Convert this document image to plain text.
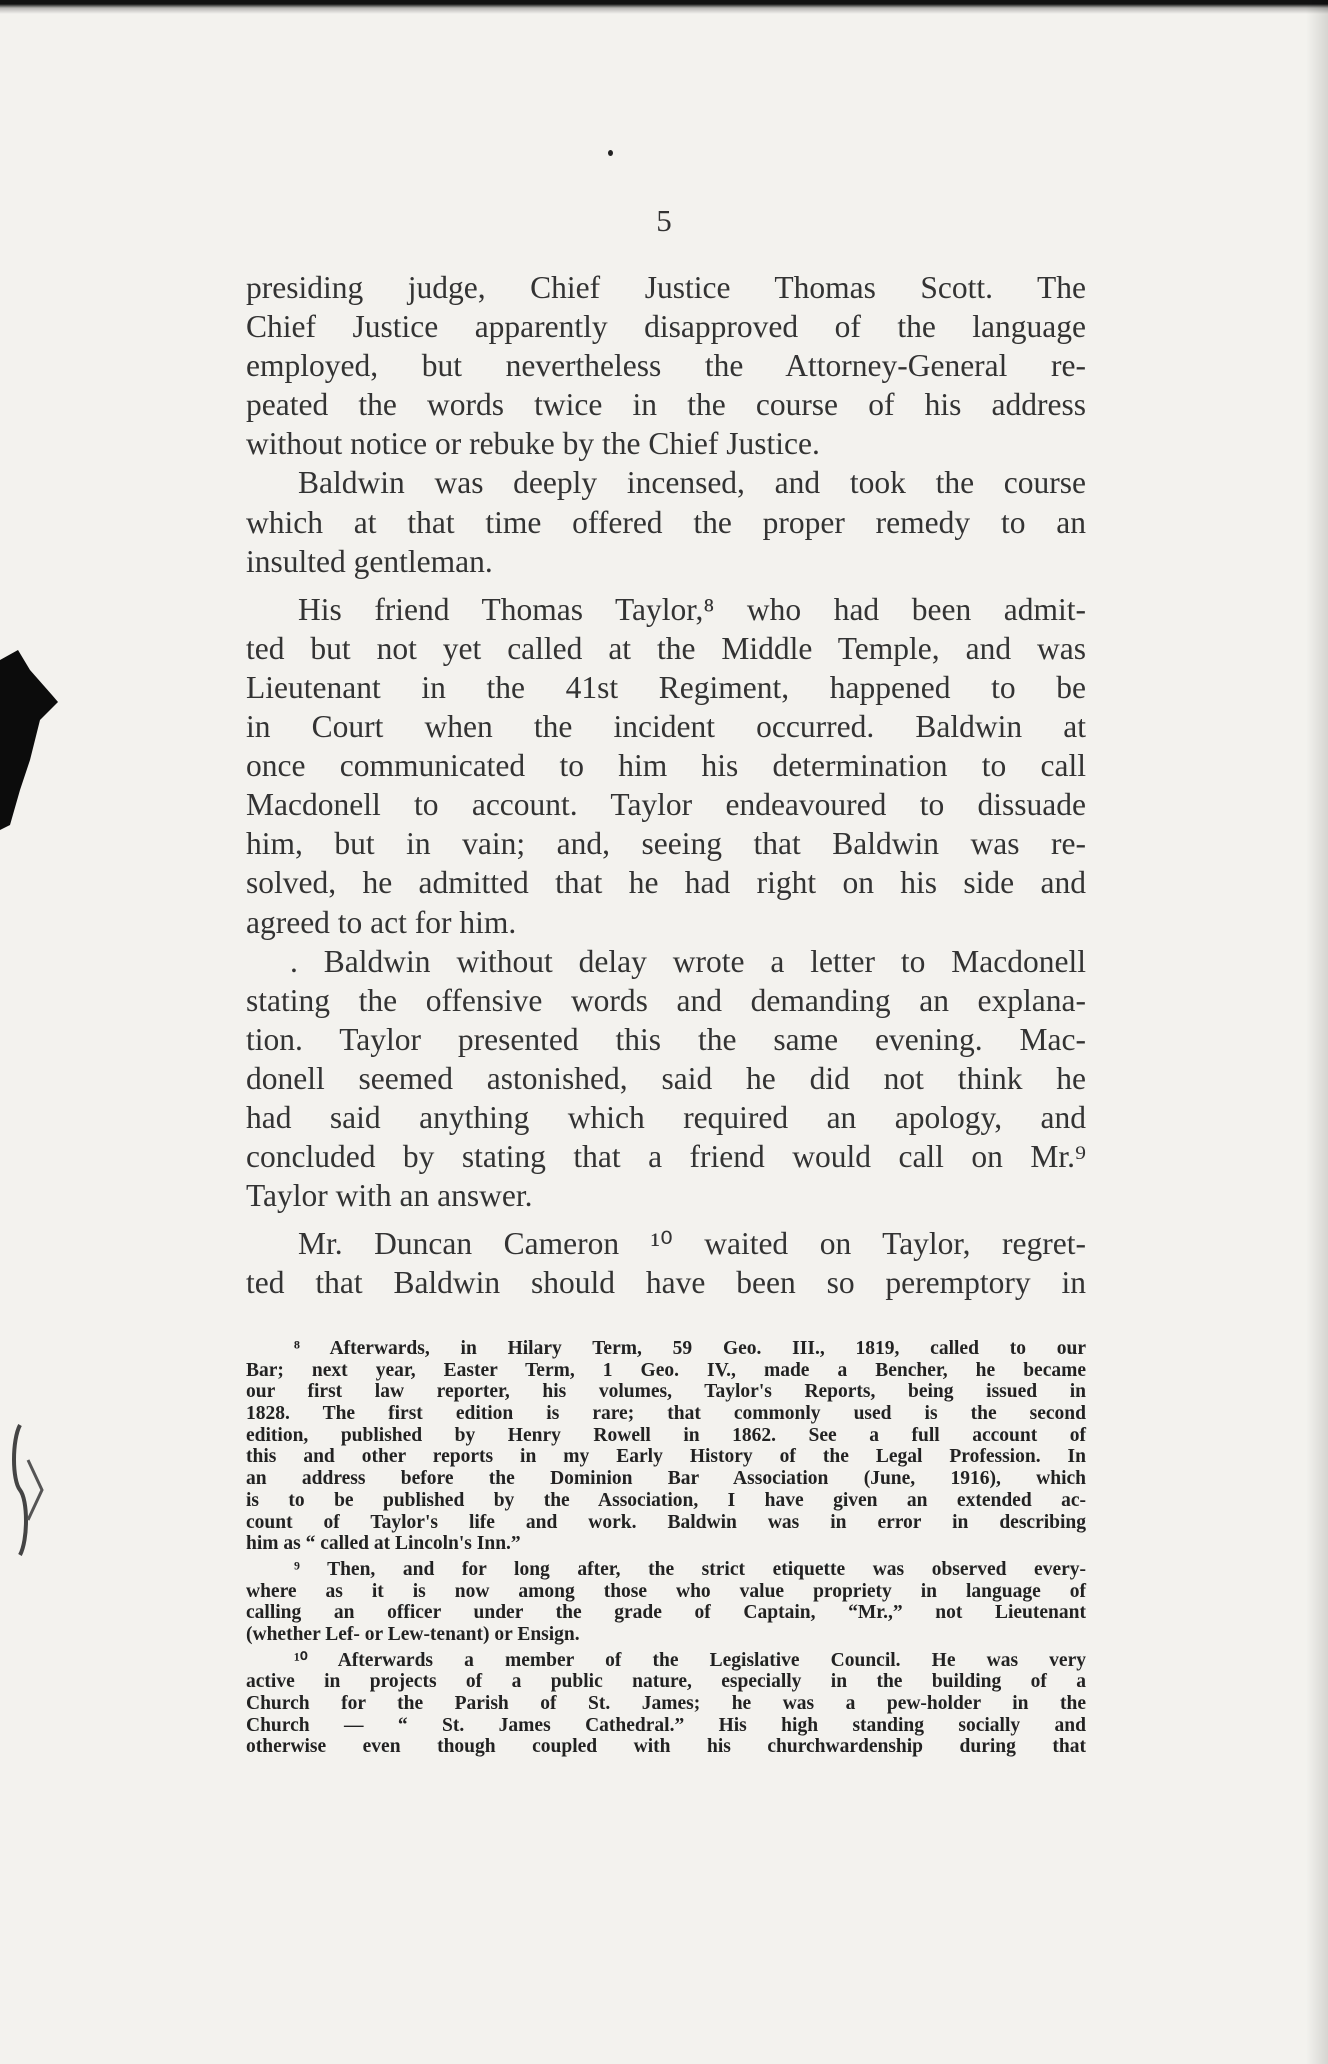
5
presiding judge, Chief Justice Thomas Scott. The
Chief Justice apparently disapproved of the language
employed, but nevertheless the Attorney-General re-
peated the words twice in the course of his address
without notice or rebuke by the Chief Justice.
Baldwin was deeply incensed, and took the course
which at that time offered the proper remedy to an
insulted gentleman.
His friend Thomas Taylor,⁸ who had been admit-
ted but not yet called at the Middle Temple, and was
Lieutenant in the 41st Regiment, happened to be
in Court when the incident occurred. Baldwin at
once communicated to him his determination to call
Macdonell to account. Taylor endeavoured to dissuade
him, but in vain; and, seeing that Baldwin was re-
solved, he admitted that he had right on his side and
agreed to act for him.
. Baldwin without delay wrote a letter to Macdonell
stating the offensive words and demanding an explana-
tion. Taylor presented this the same evening. Mac-
donell seemed astonished, said he did not think he
had said anything which required an apology, and
concluded by stating that a friend would call on Mr.⁹
Taylor with an answer.
Mr. Duncan Cameron ¹⁰ waited on Taylor, regret-
ted that Baldwin should have been so peremptory in
⁸ Afterwards, in Hilary Term, 59 Geo. III., 1819, called to our
Bar; next year, Easter Term, 1 Geo. IV., made a Bencher, he became
our first law reporter, his volumes, Taylor's Reports, being issued in
1828. The first edition is rare; that commonly used is the second
edition, published by Henry Rowell in 1862. See a full account of
this and other reports in my Early History of the Legal Profession. In
an address before the Dominion Bar Association (June, 1916), which
is to be published by the Association, I have given an extended ac-
count of Taylor's life and work. Baldwin was in error in describing
him as “ called at Lincoln's Inn.”
⁹ Then, and for long after, the strict etiquette was observed every-
where as it is now among those who value propriety in language of
calling an officer under the grade of Captain, “Mr.,” not Lieutenant
(whether Lef- or Lew-tenant) or Ensign.
¹⁰ Afterwards a member of the Legislative Council. He was very
active in projects of a public nature, especially in the building of a
Church for the Parish of St. James; he was a pew-holder in the
Church — “ St. James Cathedral.” His high standing socially and
otherwise even though coupled with his churchwardenship during that
